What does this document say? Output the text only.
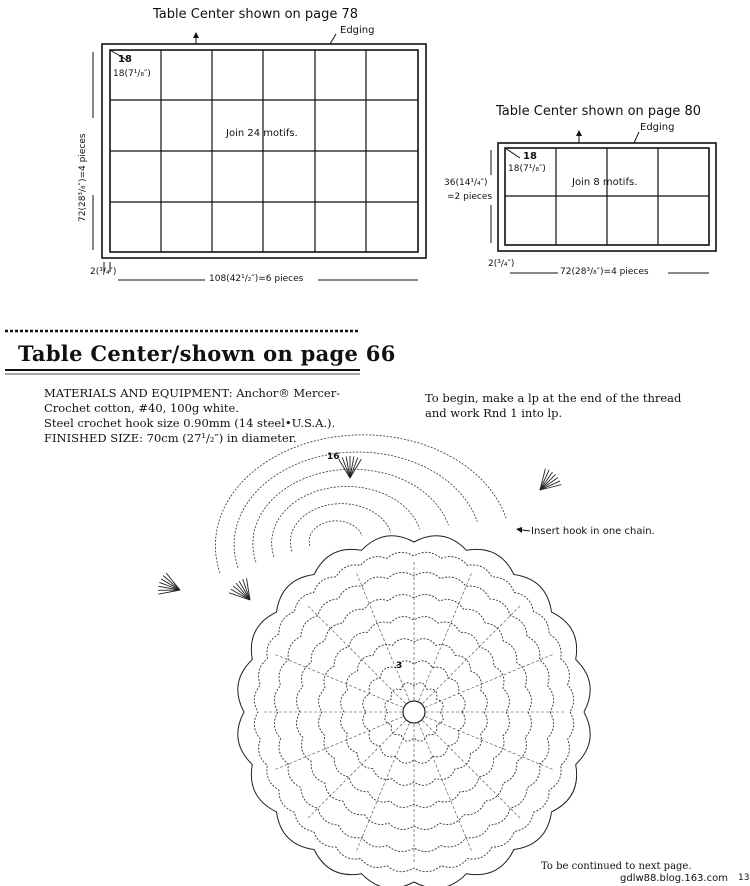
Table Center shown on page 78
Edging
18
18(7¹/₈″)
Join 24 motifs.
72(28³/₈″)=4 pieces
108(42¹/₂″)=6 pieces
2(³/₄″)
Table Center shown on page 80
Edging
18
18(7¹/₈″)
Join 8 motifs.
36(14¹/₄″)
=2 pieces
2(³/₄″)
72(28³/₈″)=4 pieces
Table Center/shown on page 66
MATERIALS AND EQUIPMENT: Anchor® Mercer-
Crochet cotton, #40, 100g white.
Steel crochet hook size 0.90mm (14 steel•U.S.A.).
FINISHED SIZE: 70cm (27¹/₂″) in diameter.
To begin, make a lp at the end of the thread
and work Rnd 1 into lp.
Insert hook in one chain.
16
3
To be continued to next page.
gdlw88.blog.163.com 13
